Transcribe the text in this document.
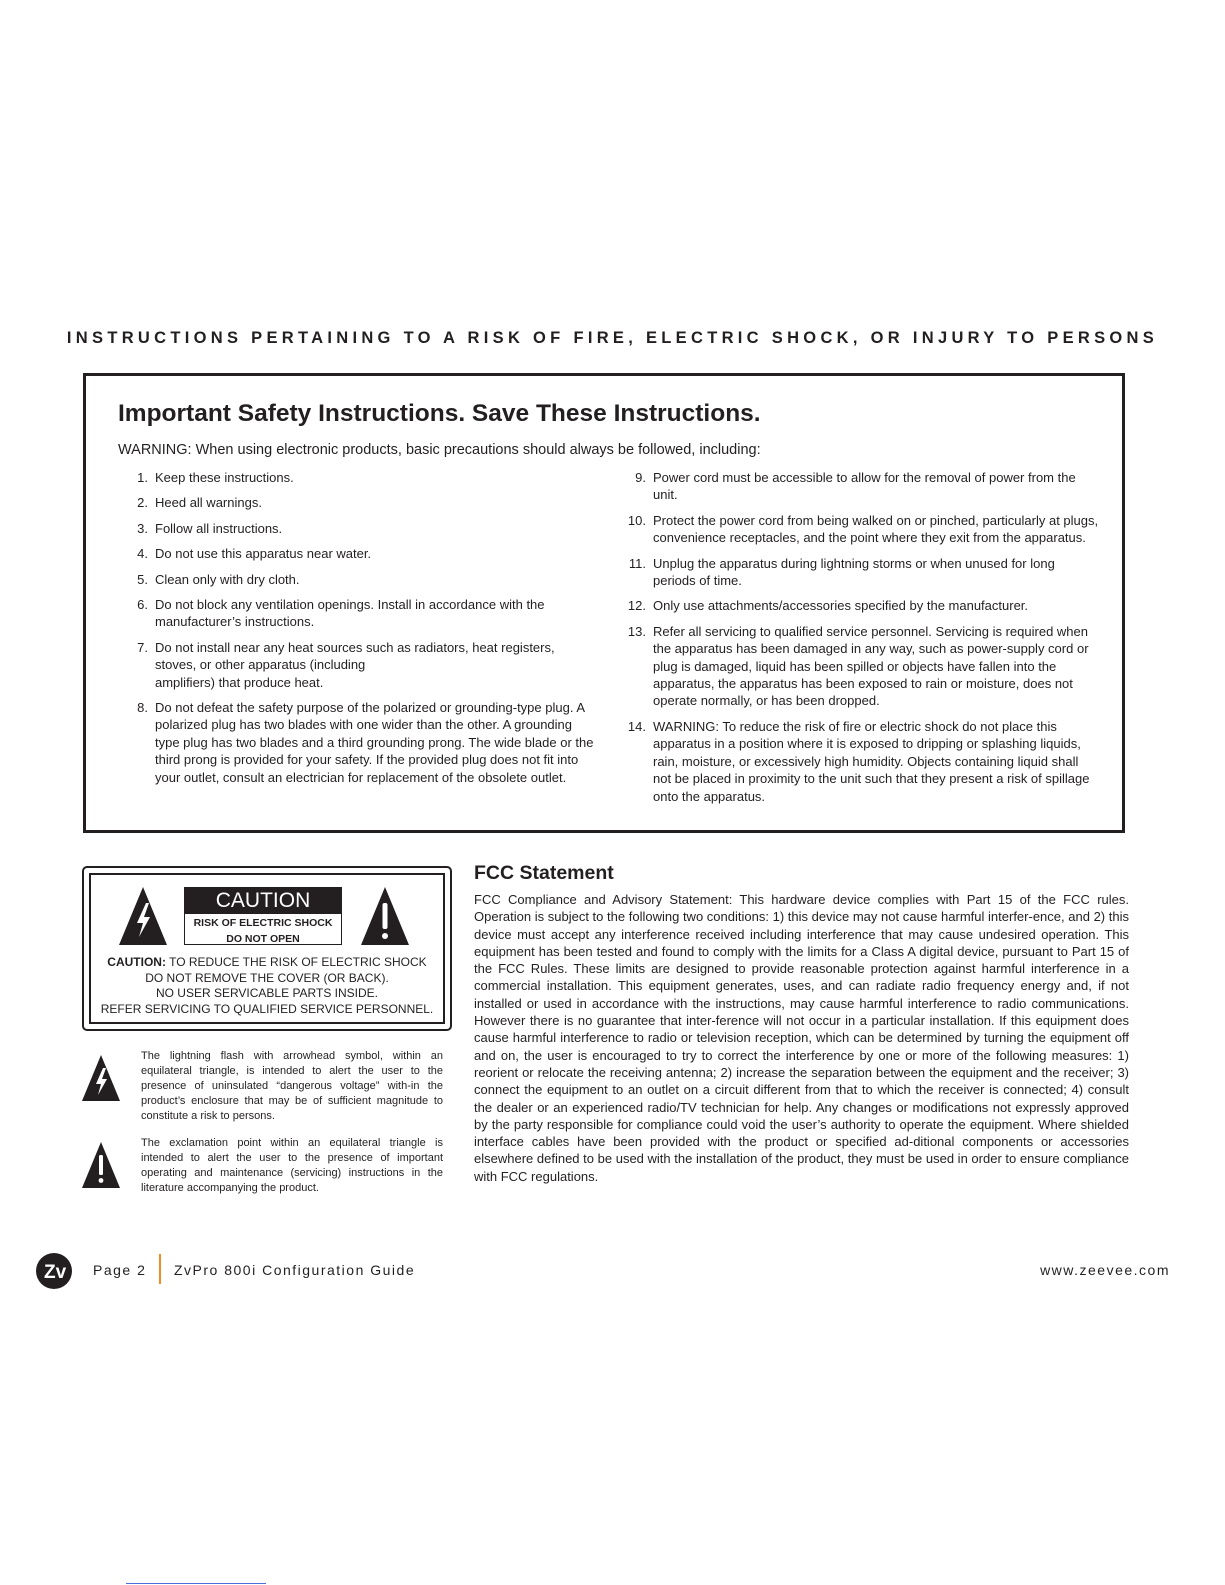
INSTRUCTIONS PERTAINING TO A RISK OF FIRE, ELECTRIC SHOCK, OR INJURY TO PERSONS
Important Safety Instructions. Save These Instructions.
WARNING: When using electronic products, basic precautions should always be followed, including:
1. Keep these instructions.
2. Heed all warnings.
3. Follow all instructions.
4. Do not use this apparatus near water.
5. Clean only with dry cloth.
6. Do not block any ventilation openings. Install in accordance with the manufacturer’s instructions.
7. Do not install near any heat sources such as radiators, heat registers, stoves, or other apparatus (including
amplifiers) that produce heat.
8. Do not defeat the safety purpose of the polarized or grounding-type plug. A polarized plug has two blades with one wider than the other. A grounding type plug has two blades and a third grounding prong. The wide blade or the third prong is provided for your safety. If the provided plug does not fit into your outlet, consult an electrician for replacement of the obsolete outlet.
9. Power cord must be accessible to allow for the removal of power from the unit.
10. Protect the power cord from being walked on or pinched, particularly at plugs, convenience receptacles, and the point where they exit from the apparatus.
11. Unplug the apparatus during lightning storms or when unused for long periods of time.
12. Only use attachments/accessories specified by the manufacturer.
13. Refer all servicing to qualified service personnel. Servicing is required when the apparatus has been damaged in any way, such as power-supply cord or plug is damaged, liquid has been spilled or objects have fallen into the apparatus, the apparatus has been exposed to rain or moisture, does not operate normally, or has been dropped.
14. WARNING: To reduce the risk of fire or electric shock do not place this apparatus in a position where it is exposed to dripping or splashing liquids, rain, moisture, or excessively high humidity. Objects containing liquid shall not be placed in proximity to the unit such that they present a risk of spillage onto the apparatus.
CAUTION
RISK OF ELECTRIC SHOCK
DO NOT OPEN
CAUTION: TO REDUCE THE RISK OF ELECTRIC SHOCK
DO NOT REMOVE THE COVER (OR BACK).
NO USER SERVICABLE PARTS INSIDE.
REFER SERVICING TO QUALIFIED SERVICE PERSONNEL.
The lightning flash with arrowhead symbol, within an equilateral triangle, is intended to alert the user to the presence of uninsulated “dangerous voltage” with-in the product’s enclosure that may be of sufficient magnitude to constitute a risk to persons.
The exclamation point within an equilateral triangle is intended to alert the user to the presence of important operating and maintenance (servicing) instructions in the literature accompanying the product.
FCC Statement
FCC Compliance and Advisory Statement: This hardware device complies with Part 15 of the FCC rules. Operation is subject to the following two conditions: 1) this device may not cause harmful interfer-ence, and 2) this device must accept any interference received including interference that may cause undesired operation. This equipment has been tested and found to comply with the limits for a Class A digital device, pursuant to Part 15 of the FCC Rules. These limits are designed to provide reasonable protection against harmful interference in a commercial installation. This equipment generates, uses, and can radiate radio frequency energy and, if not installed or used in accordance with the instructions, may cause harmful interference to radio communications. However there is no guarantee that inter-ference will not occur in a particular installation. If this equipment does cause harmful interference to radio or television reception, which can be determined by turning the equipment off and on, the user is encouraged to try to correct the interference by one or more of the following measures: 1) reorient or relocate the receiving antenna; 2) increase the separation between the equipment and the receiver; 3) connect the equipment to an outlet on a circuit different from that to which the receiver is connected; 4) consult the dealer or an experienced radio/TV technician for help. Any changes or modifications not expressly approved by the party responsible for compliance could void the user’s authority to operate the equipment. Where shielded interface cables have been provided with the product or specified ad-ditional components or accessories elsewhere defined to be used with the installation of the product, they must be used in order to ensure compliance with FCC regulations.
Zv Page 2 ZvPro 800i Configuration Guide	www.zeevee.com
